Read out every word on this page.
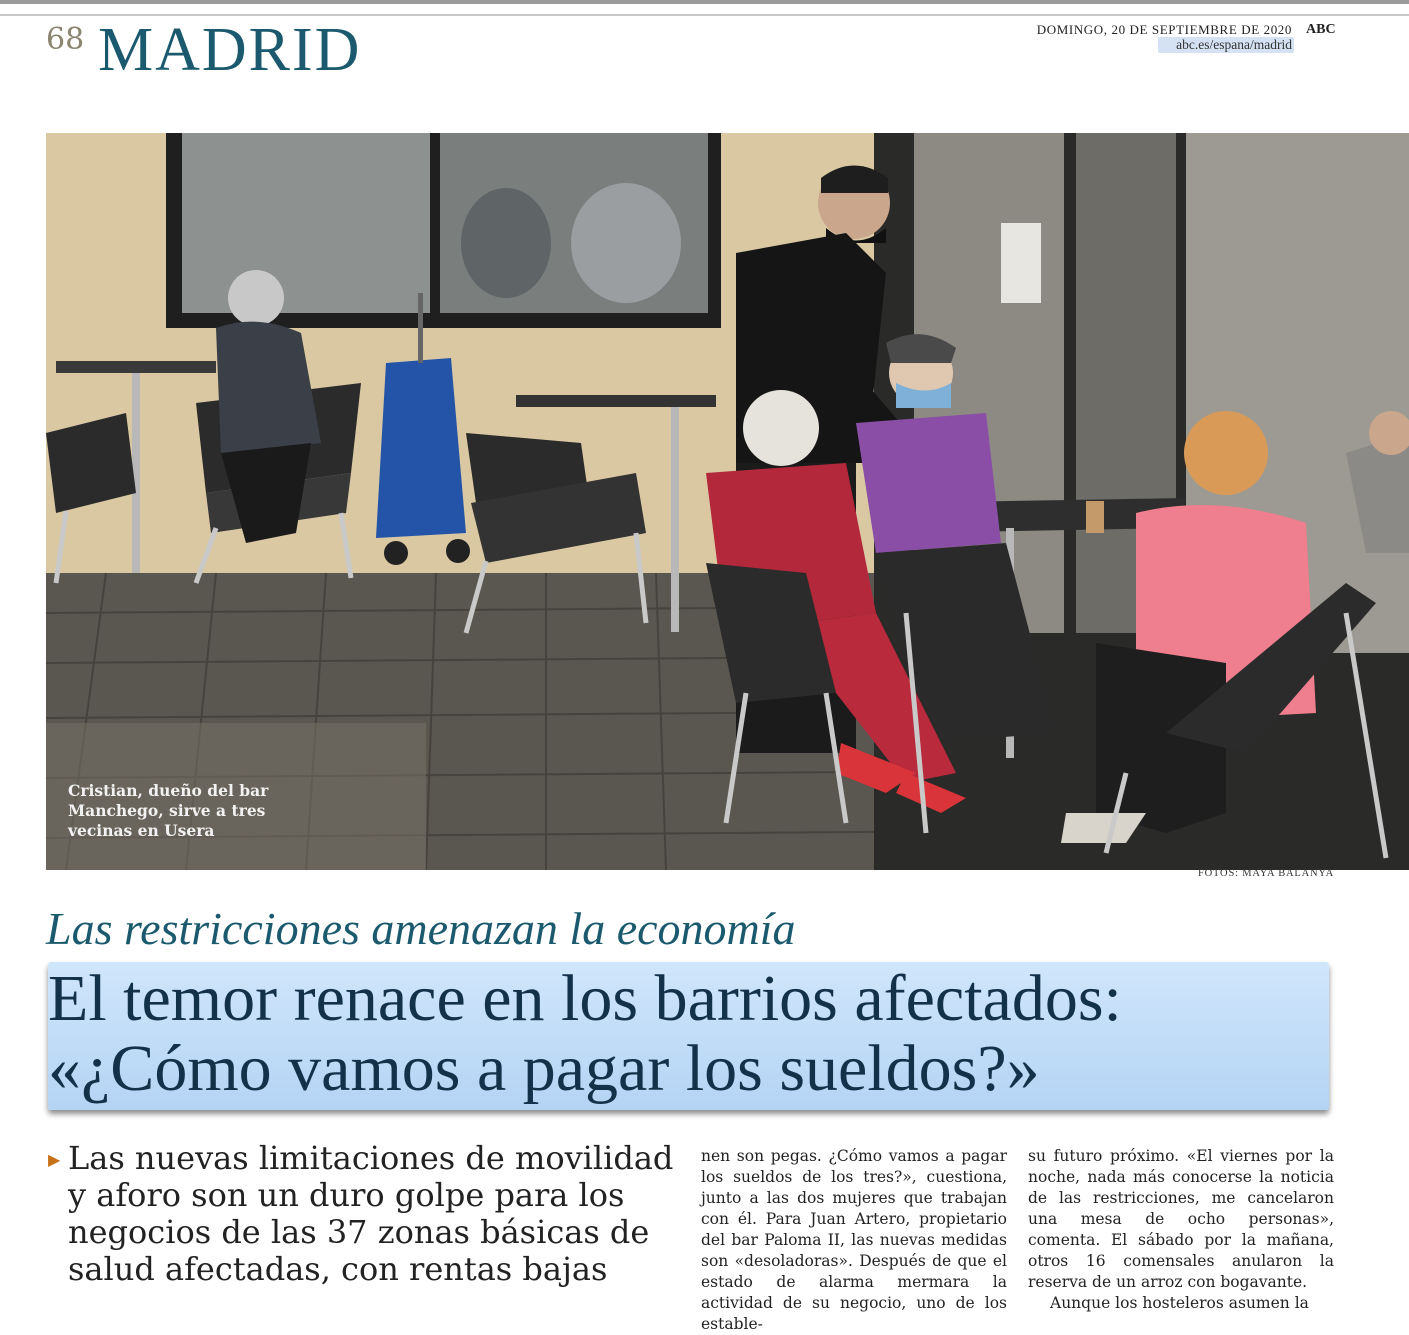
68 MADRID	DOMINGO, 20 DE SEPTIEMBRE DE 2020 ABC
abc.es/espana/madrid
Cristian, dueño del bar Manchego, sirve a tres vecinas en Usera
FOTOS: MAYA BALANYA
Las restricciones amenazan la economía
El temor renace en los barrios afectados:
«¿Cómo vamos a pagar los sueldos?»
▶ Las nuevas limitaciones de movilidad y aforo son un duro golpe para los negocios de las 37 zonas básicas de salud afectadas, con rentas bajas

nen son pegas. ¿Cómo vamos a pagar los sueldos de los tres?», cuestiona, junto a las dos mujeres que trabajan con él. Para Juan Artero, propietario del bar Paloma II, las nuevas medidas son «desoladoras». Después de que el estado de alarma mermara la actividad de su negocio, uno de los estable-

su futuro próximo. «El viernes por la noche, nada más conocerse la noticia de las restricciones, me cancelaron una mesa de ocho personas», comenta. El sábado por la mañana, otros 16 comensales anularon la reserva de un arroz con bogavante.

Aunque los hosteleros asumen la
